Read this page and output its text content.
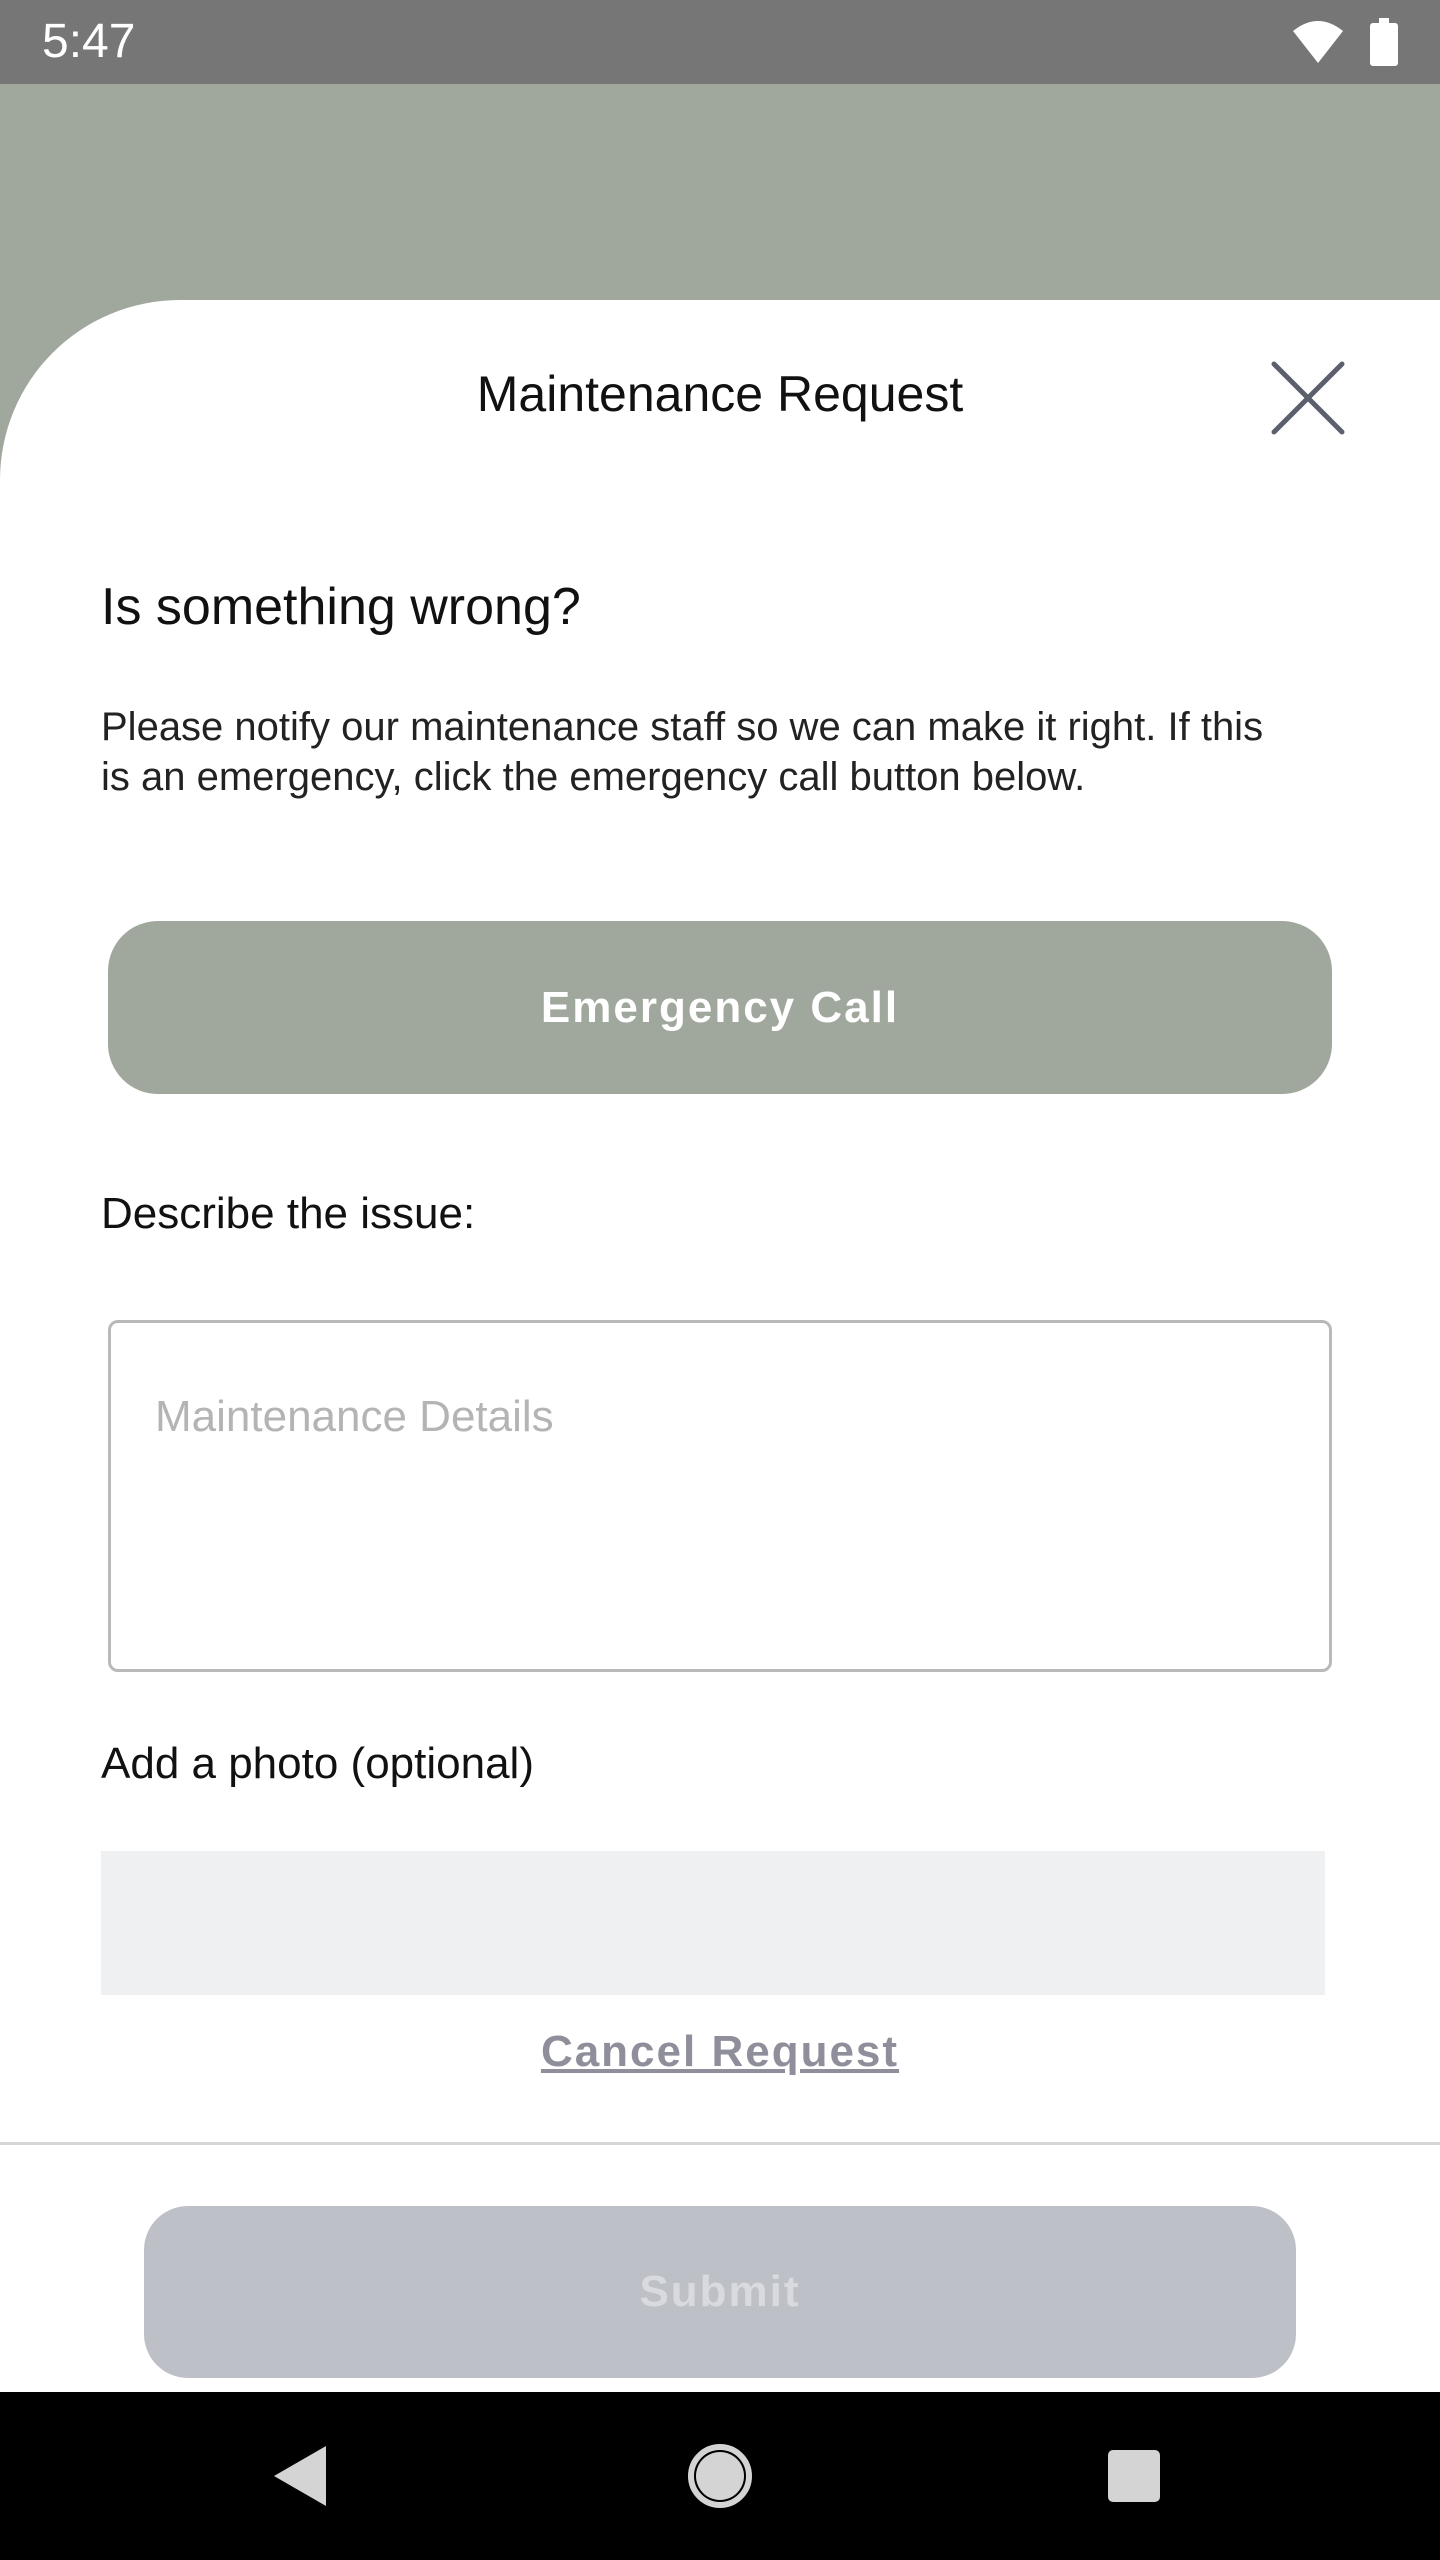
5:47
Maintenance Request
Is something wrong?
Please notify our maintenance staff so we can make it right. If this is an emergency, click the emergency call button below.
Emergency Call
Describe the issue:
Maintenance Details
Add a photo (optional)
Cancel Request
Submit
